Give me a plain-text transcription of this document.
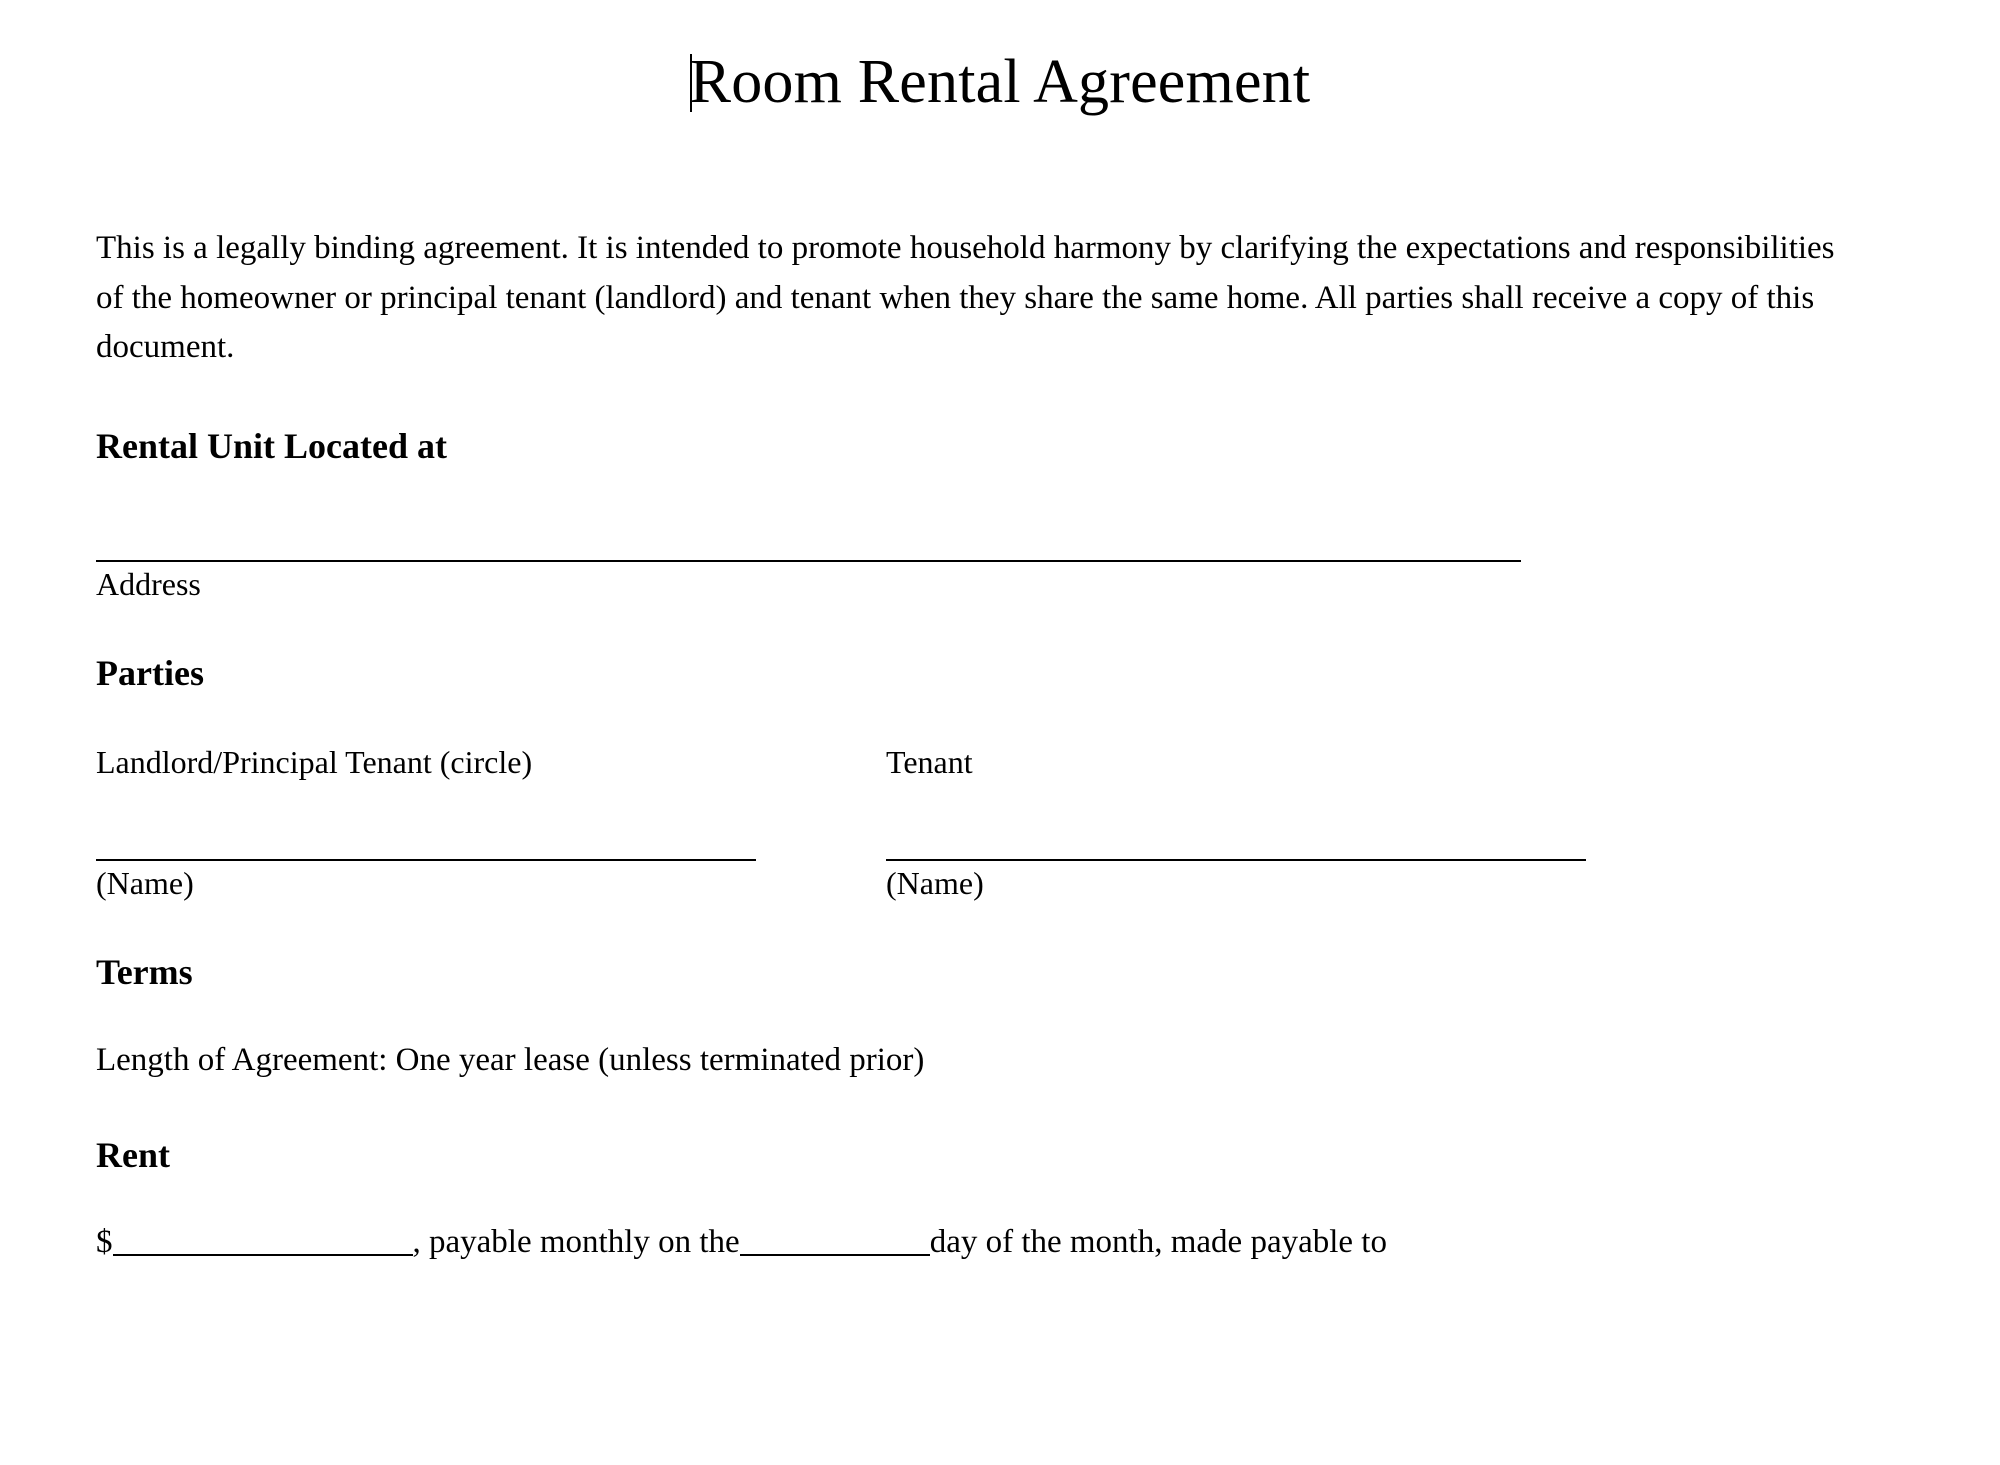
Room Rental Agreement

This is a legally binding agreement. It is intended to promote household harmony by clarifying the expectations and responsibilities of the homeowner or principal tenant (landlord) and tenant when they share the same home. All parties shall receive a copy of this document.

Rental Unit Located at
Address
Parties
Landlord/Principal Tenant (circle)	Tenant
(Name)	(Name)
Terms
Length of Agreement: One year lease (unless terminated prior)
Rent
$	, payable monthly on the	day of the month, made payable to
